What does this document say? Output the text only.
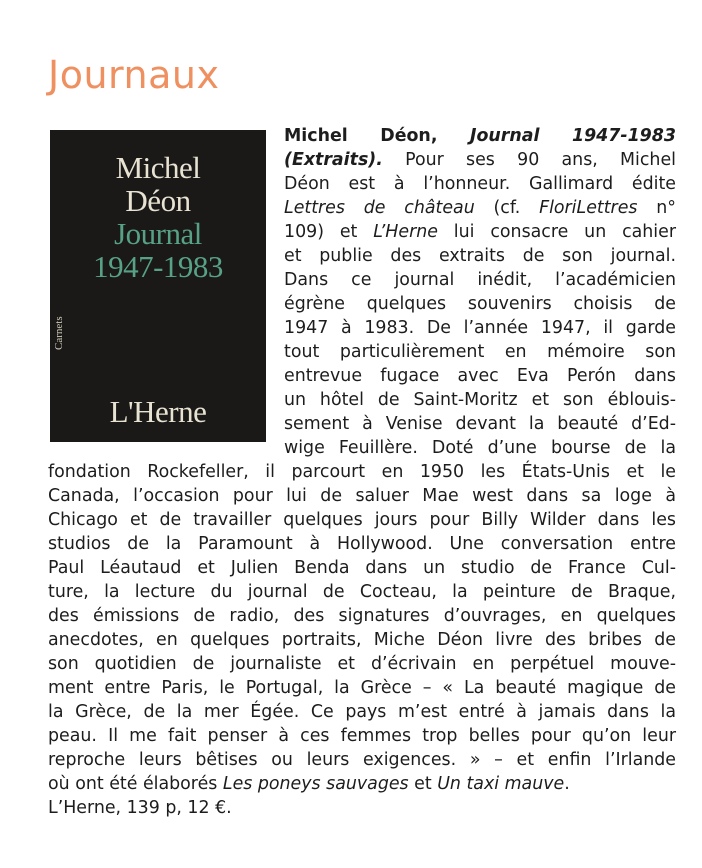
Journaux
Michel
Déon
Journal
1947-1983
Carnets
L'Herne
Michel Déon, Journal 1947-1983
(Extraits). Pour ses 90 ans, Michel
Déon est à l’honneur. Gallimard édite
Lettres de château (cf. FloriLettres n°
109) et L’Herne lui consacre un cahier
et publie des extraits de son journal.
Dans ce journal inédit, l’académicien
égrène quelques souvenirs choisis de
1947 à 1983. De l’année 1947, il garde
tout particulièrement en mémoire son
entrevue fugace avec Eva Perón dans
un hôtel de Saint-Moritz et son éblouis-
sement à Venise devant la beauté d’Ed-
wige Feuillère. Doté d’une bourse de la
fondation Rockefeller, il parcourt en 1950 les États-Unis et le
Canada, l’occasion pour lui de saluer Mae west dans sa loge à
Chicago et de travailler quelques jours pour Billy Wilder dans les
studios de la Paramount à Hollywood. Une conversation entre
Paul Léautaud et Julien Benda dans un studio de France Cul-
ture, la lecture du journal de Cocteau, la peinture de Braque,
des émissions de radio, des signatures d’ouvrages, en quelques
anecdotes, en quelques portraits, Miche Déon livre des bribes de
son quotidien de journaliste et d’écrivain en perpétuel mouve-
ment entre Paris, le Portugal, la Grèce – « La beauté magique de
la Grèce, de la mer Égée. Ce pays m’est entré à jamais dans la
peau. Il me fait penser à ces femmes trop belles pour qu’on leur
reproche leurs bêtises ou leurs exigences. » – et enfin l’Irlande
où ont été élaborés Les poneys sauvages et Un taxi mauve.
L’Herne, 139 p, 12 €.
